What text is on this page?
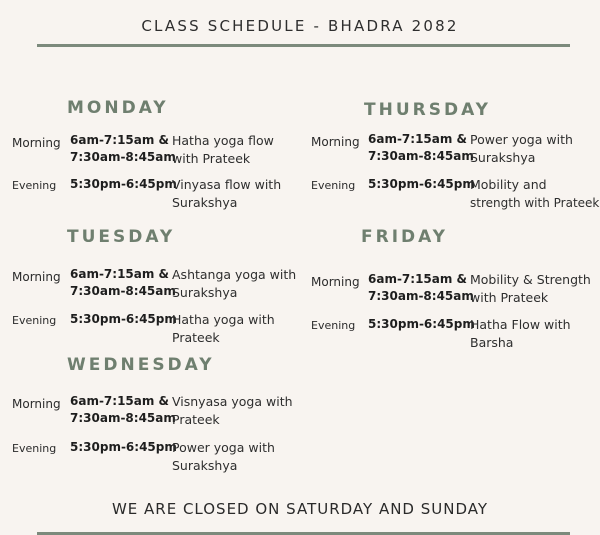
CLASS SCHEDULE - BHADRA 2082
MONDAY
Morning 6am-7:15am &
7:30am-8:45am
Hatha yoga flow
with Prateek
Evening 5:30pm-6:45pm
Vinyasa flow with
Surakshya
TUESDAY
Morning 6am-7:15am &
7:30am-8:45am
Ashtanga yoga with
Surakshya
Evening 5:30pm-6:45pm
Hatha yoga with
Prateek
WEDNESDAY
Morning 6am-7:15am &
7:30am-8:45am
Visnyasa yoga with
Prateek
Evening 5:30pm-6:45pm
Power yoga with
Surakshya
THURSDAY
Morning 6am-7:15am &
7:30am-8:45am
Power yoga with
Surakshya
Evening 5:30pm-6:45pm
Mobility and
strength with Prateek
FRIDAY
Morning 6am-7:15am &
7:30am-8:45am
Mobility & Strength
with Prateek
Evening 5:30pm-6:45pm
Hatha Flow with
Barsha
WE ARE CLOSED ON SATURDAY AND SUNDAY
